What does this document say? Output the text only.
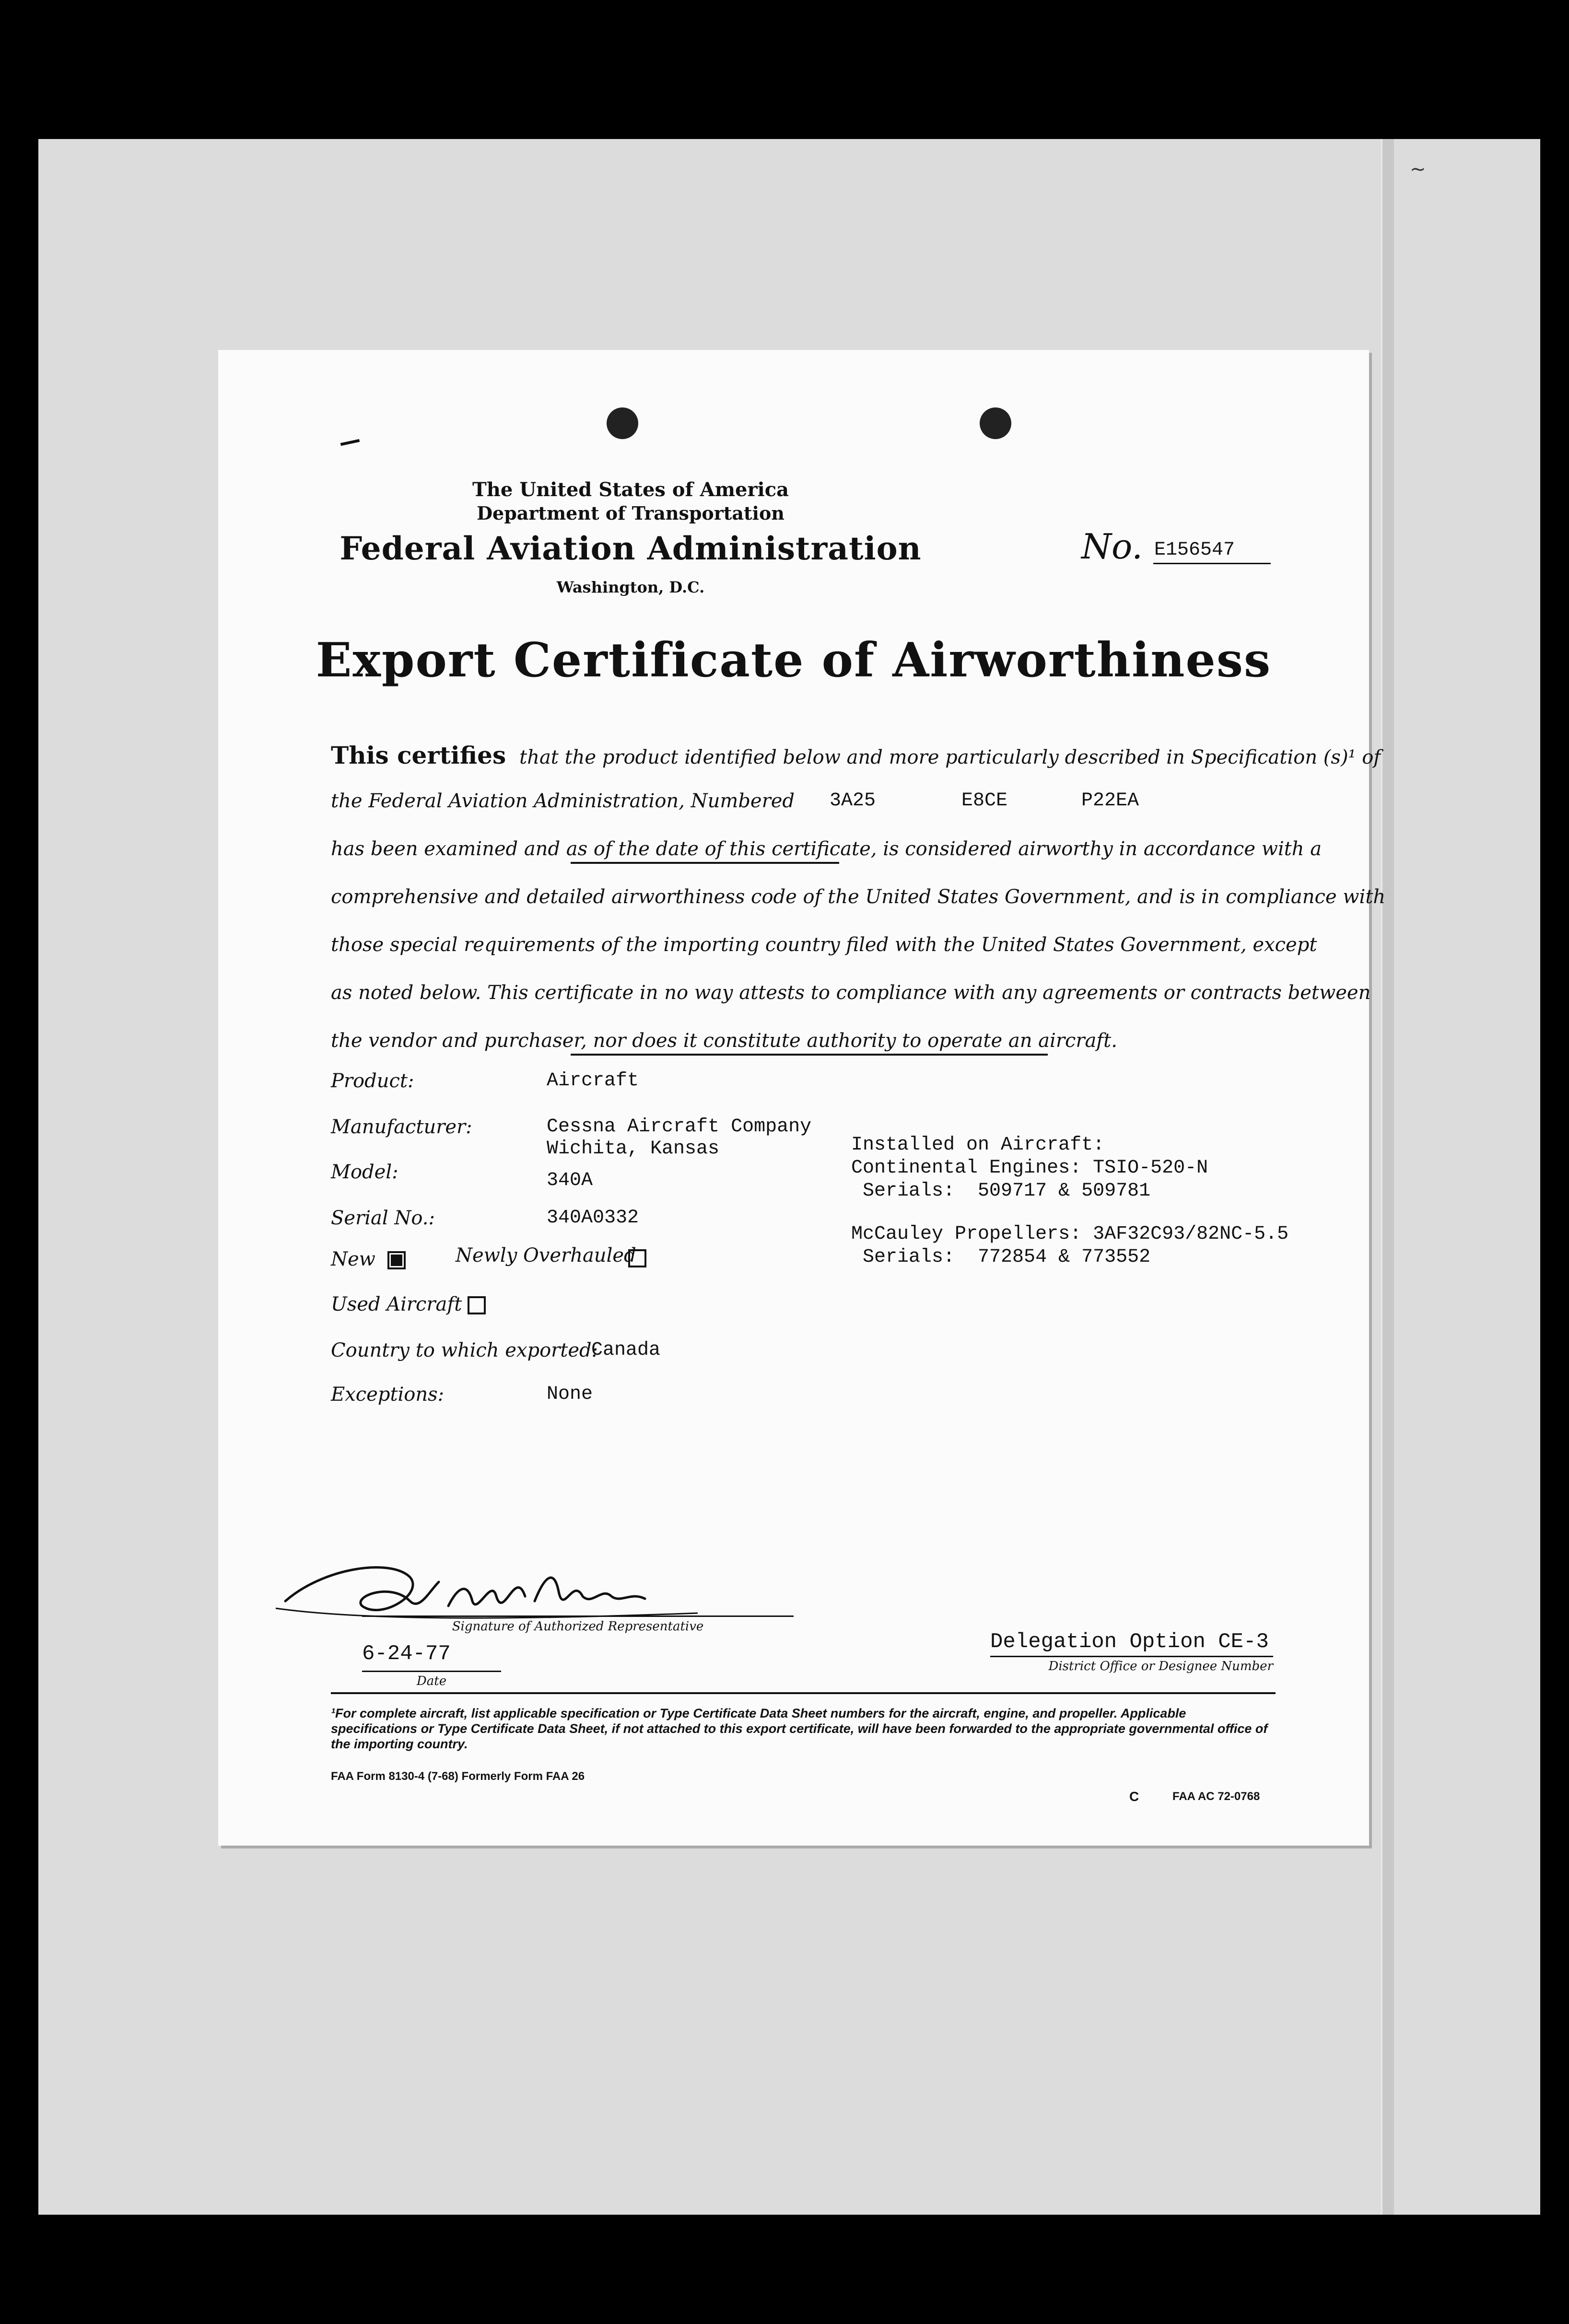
~
The United States of America
Department of Transportation
Federal Aviation Administration
Washington, D.C.
No. E156547
Export Certificate of Airworthiness
This certifies that the product identified below and more particularly described in Specification (s)¹ of
the Federal Aviation Administration, Numbered 3A25	E8CE	P22EA
has been examined and as of the date of this certificate, is considered airworthy in accordance with a
comprehensive and detailed airworthiness code of the United States Government, and is in compliance with
those special requirements of the importing country filed with the United States Government, except
as noted below. This certificate in no way attests to compliance with any agreements or contracts between
the vendor and purchaser, nor does it constitute authority to operate an aircraft.
Product:	Aircraft
Manufacturer:	Cessna Aircraft Company
Wichita, Kansas
Model:	340A
Serial No.:	340A0332
New	Newly Overhauled
Used Aircraft
Country to which exported:
Canada
Exceptions:	None
Installed on Aircraft:
Continental Engines: TSIO-520-N
Serials:  509717 & 509781
McCauley Propellers: 3AF32C93/82NC-5.5
Serials:  772854 & 773552
Signature of Authorized Representative
6-24-77
Date
Delegation Option CE-3
District Office or Designee Number
¹For complete aircraft, list applicable specification or Type Certificate Data Sheet numbers for the aircraft, engine, and propeller. Applicable specifications or Type Certificate Data Sheet, if not attached to this export certificate, will have been forwarded to the appropriate governmental office of the importing country.
FAA Form 8130-4 (7-68) Formerly Form FAA 26
C	FAA AC 72-0768
